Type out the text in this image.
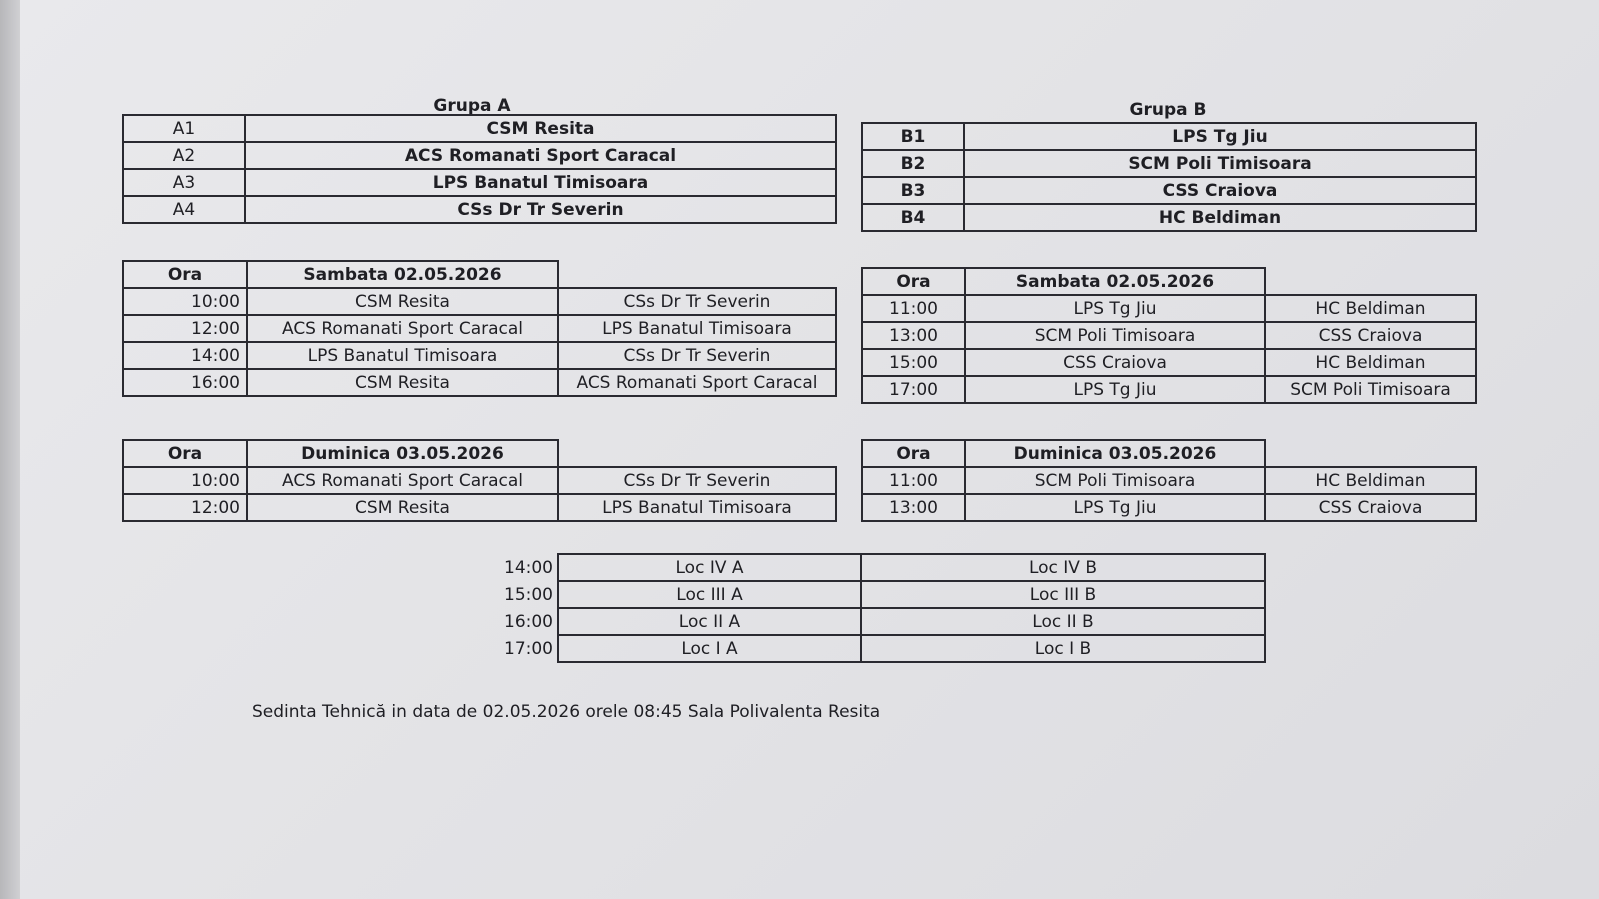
Grupa A	Grupa B
A1	CSM Resita
A2	ACS Romanati Sport Caracal
A3	LPS Banatul Timisoara
A4	CSs Dr Tr Severin
B1	LPS Tg Jiu
B2	SCM Poli Timisoara
B3	CSS Craiova
B4	HC Beldiman
Ora	Sambata 02.05.2026	
10:00	CSM Resita	CSs Dr Tr Severin
12:00	ACS Romanati Sport Caracal	LPS Banatul Timisoara
14:00	LPS Banatul Timisoara	CSs Dr Tr Severin
16:00	CSM Resita	ACS Romanati Sport Caracal
Ora	Sambata 02.05.2026	
11:00	LPS Tg Jiu	HC Beldiman
13:00	SCM Poli Timisoara	CSS Craiova
15:00	CSS Craiova	HC Beldiman
17:00	LPS Tg Jiu	SCM Poli Timisoara
Ora	Duminica 03.05.2026	
10:00	ACS Romanati Sport Caracal	CSs Dr Tr Severin
12:00	CSM Resita	LPS Banatul Timisoara
Ora	Duminica 03.05.2026	
11:00	SCM Poli Timisoara	HC Beldiman
13:00	LPS Tg Jiu	CSS Craiova
14:00	Loc IV A	Loc IV B
15:00	Loc III A	Loc III B
16:00	Loc II A	Loc II B
17:00	Loc I A	Loc I B
Sedinta Tehnică in data de 02.05.2026 orele 08:45 Sala Polivalenta Resita
